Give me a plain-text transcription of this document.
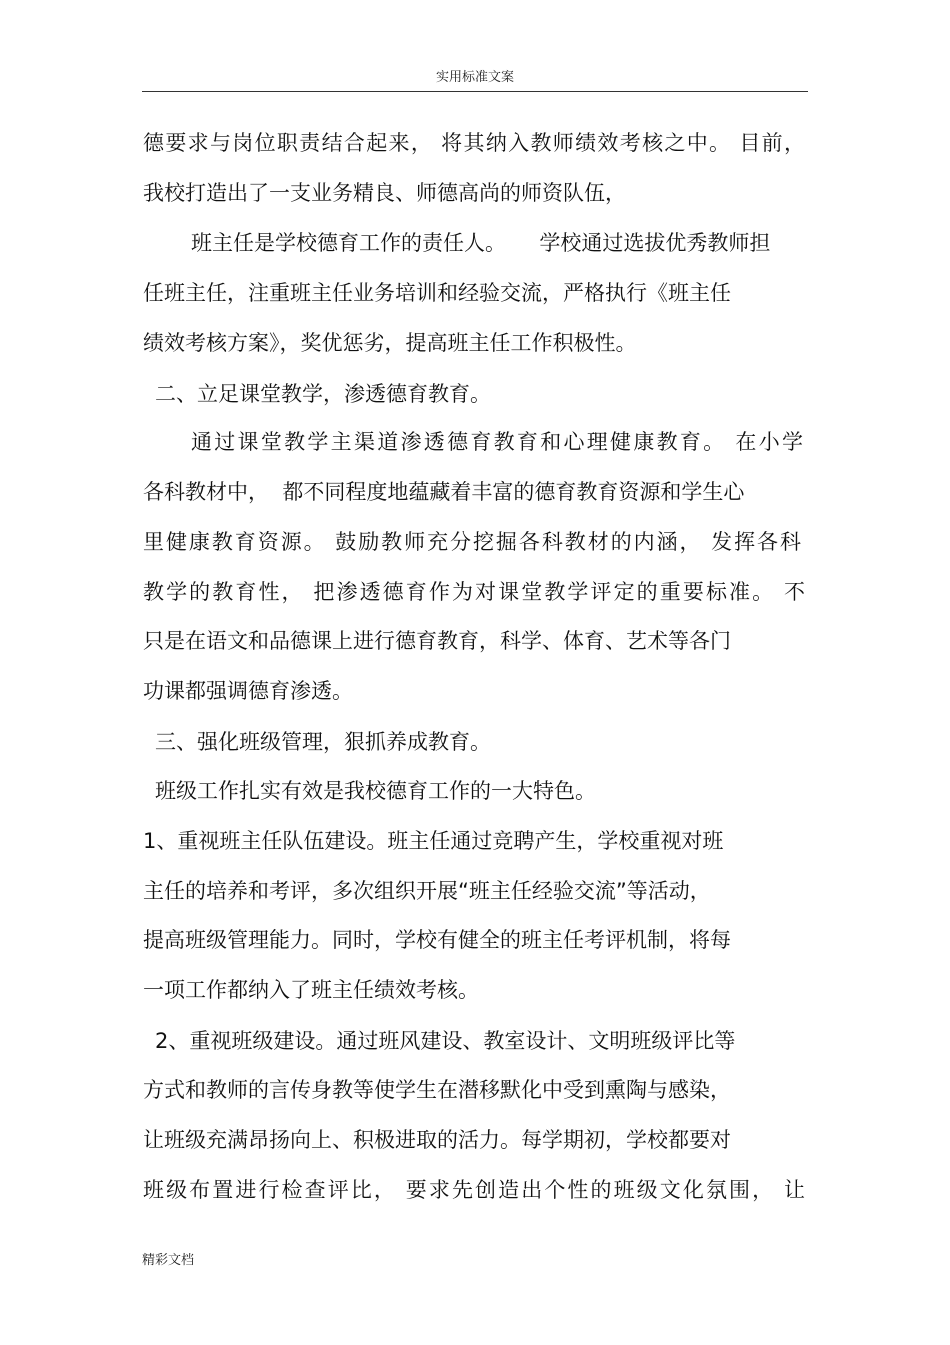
实用标准文案
德要求与岗位职责结合起来， 将其纳入教师绩效考核之中。 目前，
我校打造出了一支业务精良、师德高尚的师资队伍，
班主任是学校德育工作的责任人。     学校通过选拔优秀教师担
任班主任，注重班主任业务培训和经验交流，严格执行《班主任
绩效考核方案》，奖优惩劣，提高班主任工作积极性。
二、立足课堂教学，渗透德育教育。
通过课堂教学主渠道渗透德育教育和心理健康教育。 在小学
各科教材中，  都不同程度地蕴藏着丰富的德育教育资源和学生心
里健康教育资源。 鼓励教师充分挖掘各科教材的内涵， 发挥各科
教学的教育性， 把渗透德育作为对课堂教学评定的重要标准。 不
只是在语文和品德课上进行德育教育，科学、体育、艺术等各门
功课都强调德育渗透。
三、强化班级管理，狠抓养成教育。
班级工作扎实有效是我校德育工作的一大特色。
1、重视班主任队伍建设。班主任通过竞聘产生，学校重视对班
主任的培养和考评，多次组织开展“班主任经验交流”等活动，
提高班级管理能力。同时，学校有健全的班主任考评机制，将每
一项工作都纳入了班主任绩效考核。
2、重视班级建设。通过班风建设、教室设计、文明班级评比等
方式和教师的言传身教等使学生在潜移默化中受到熏陶与感染，
让班级充满昂扬向上、积极进取的活力。每学期初，学校都要对
班级布置进行检查评比， 要求先创造出个性的班级文化氛围， 让
精彩文档
